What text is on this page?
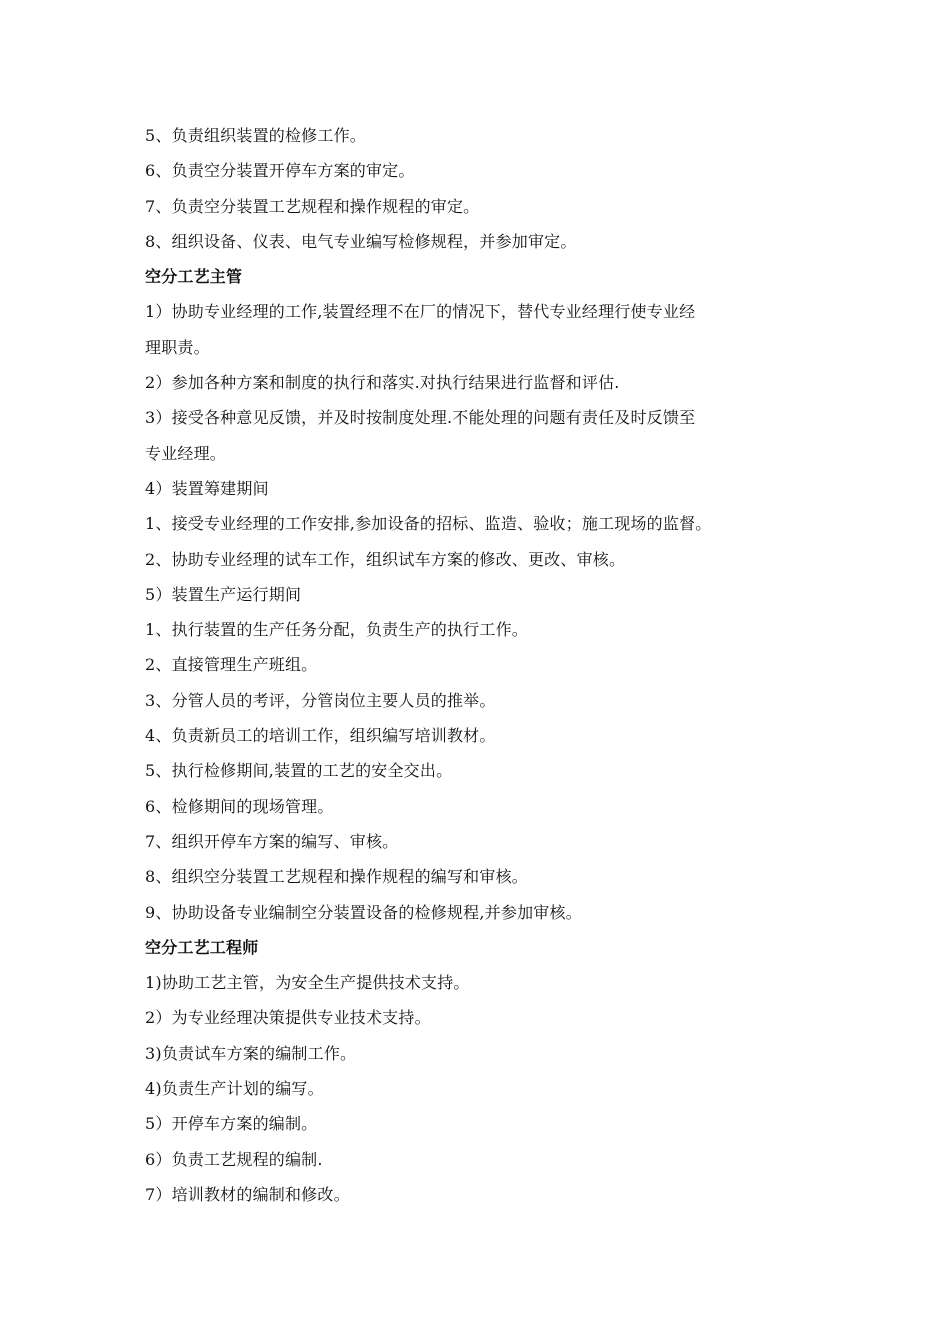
5、负责组织装置的检修工作。
6、负责空分装置开停车方案的审定。
7、负责空分装置工艺规程和操作规程的审定。
8、组织设备、仪表、电气专业编写检修规程，并参加审定。
空分工艺主管
1）协助专业经理的工作,装置经理不在厂的情况下，替代专业经理行使专业经
理职责。
2）参加各种方案和制度的执行和落实.对执行结果进行监督和评估.
3）接受各种意见反馈，并及时按制度处理.不能处理的问题有责任及时反馈至
专业经理。
4）装置筹建期间
1、接受专业经理的工作安排,参加设备的招标、监造、验收；施工现场的监督。
2、协助专业经理的试车工作，组织试车方案的修改、更改、审核。
5）装置生产运行期间
1、执行装置的生产任务分配，负责生产的执行工作。
2、直接管理生产班组。
3、分管人员的考评，分管岗位主要人员的推举。
4、负责新员工的培训工作，组织编写培训教材。
5、执行检修期间,装置的工艺的安全交出。
6、检修期间的现场管理。
7、组织开停车方案的编写、审核。
8、组织空分装置工艺规程和操作规程的编写和审核。
9、协助设备专业编制空分装置设备的检修规程,并参加审核。
空分工艺工程师
1)协助工艺主管，为安全生产提供技术支持。
2）为专业经理决策提供专业技术支持。
3)负责试车方案的编制工作。
4)负责生产计划的编写。
5）开停车方案的编制。
6）负责工艺规程的编制.
7）培训教材的编制和修改。
